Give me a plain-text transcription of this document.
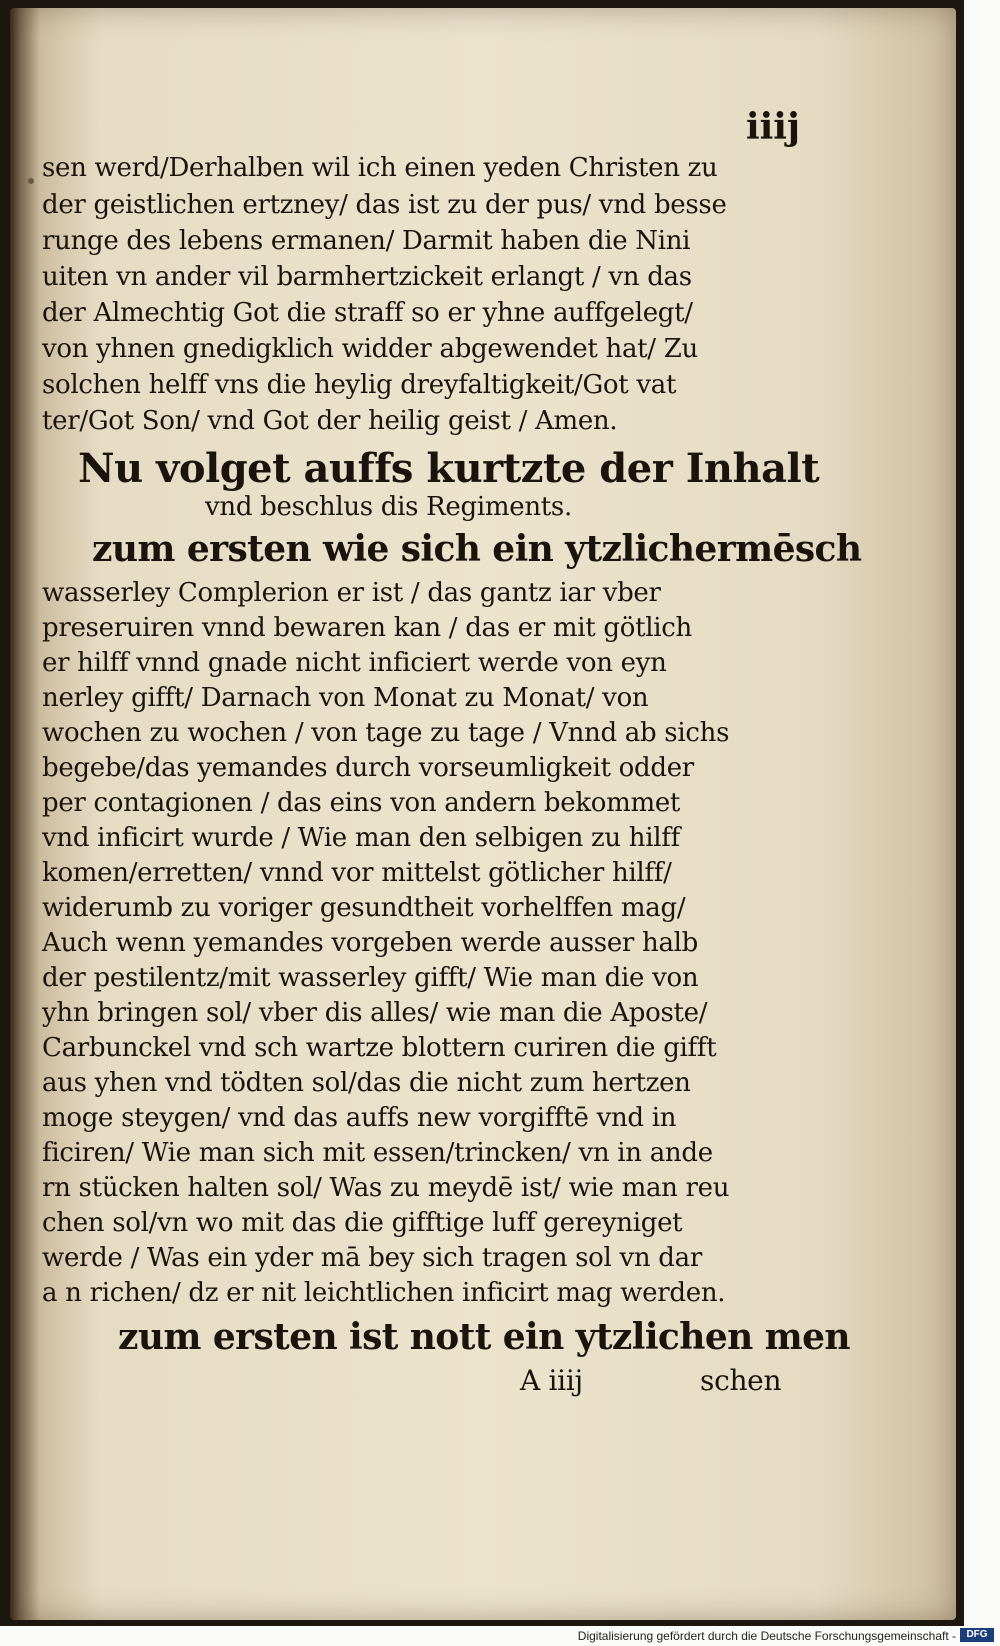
iiij
sen werd/Derhalben wil ich einen yeden Christen zu
der geistlichen ertzney/ das ist zu der pus/ vnd besse
runge des lebens ermanen/ Darmit haben die Nini
uiten vn ander vil barmhertzickeit erlangt / vn das
der Almechtig Got die straff so er yhne auffgelegt/
von yhnen gnedigklich widder abgewendet hat/ Zu
solchen helff vns die heylig dreyfaltigkeit/Got vat
ter/Got Son/ vnd Got der heilig geist / Amen.
Nu volget auffs kurtzte der Inhalt
vnd beschlus dis Regiments.
zum ersten wie sich ein ytzlichermēsch
wasserley Complerion er ist / das gantz iar vber
preseruiren vnnd bewaren kan / das er mit götlich
er hilff vnnd gnade nicht inficiert werde von eyn
nerley gifft/ Darnach von Monat zu Monat/ von
wochen zu wochen / von tage zu tage / Vnnd ab sichs
begebe/das yemandes durch vorseumligkeit odder
per contagionen / das eins von andern bekommet
vnd inficirt wurde / Wie man den selbigen zu hilff
komen/erretten/ vnnd vor mittelst götlicher hilff/
widerumb zu voriger gesundtheit vorhelffen mag/
Auch wenn yemandes vorgeben werde ausser halb
der pestilentz/mit wasserley gifft/ Wie man die von
yhn bringen sol/ vber dis alles/ wie man die Aposte/
Carbunckel vnd sch wartze blottern curiren die gifft
aus yhen vnd tödten sol/das die nicht zum hertzen
moge steygen/ vnd das auffs new vorgifftē vnd in
ficiren/ Wie man sich mit essen/trincken/ vn in ande
rn stücken halten sol/ Was zu meydē ist/ wie man reu
chen sol/vn wo mit das die gifftige luff gereyniget
werde / Was ein yder mā bey sich tragen sol vn dar
a n richen/ dz er nit leichtlichen inficirt mag werden.
zum ersten ist nott ein ytzlichen men
A iiij	schen
Digitalisierung gefördert durch die Deutsche Forschungsgemeinschaft -	DFG
